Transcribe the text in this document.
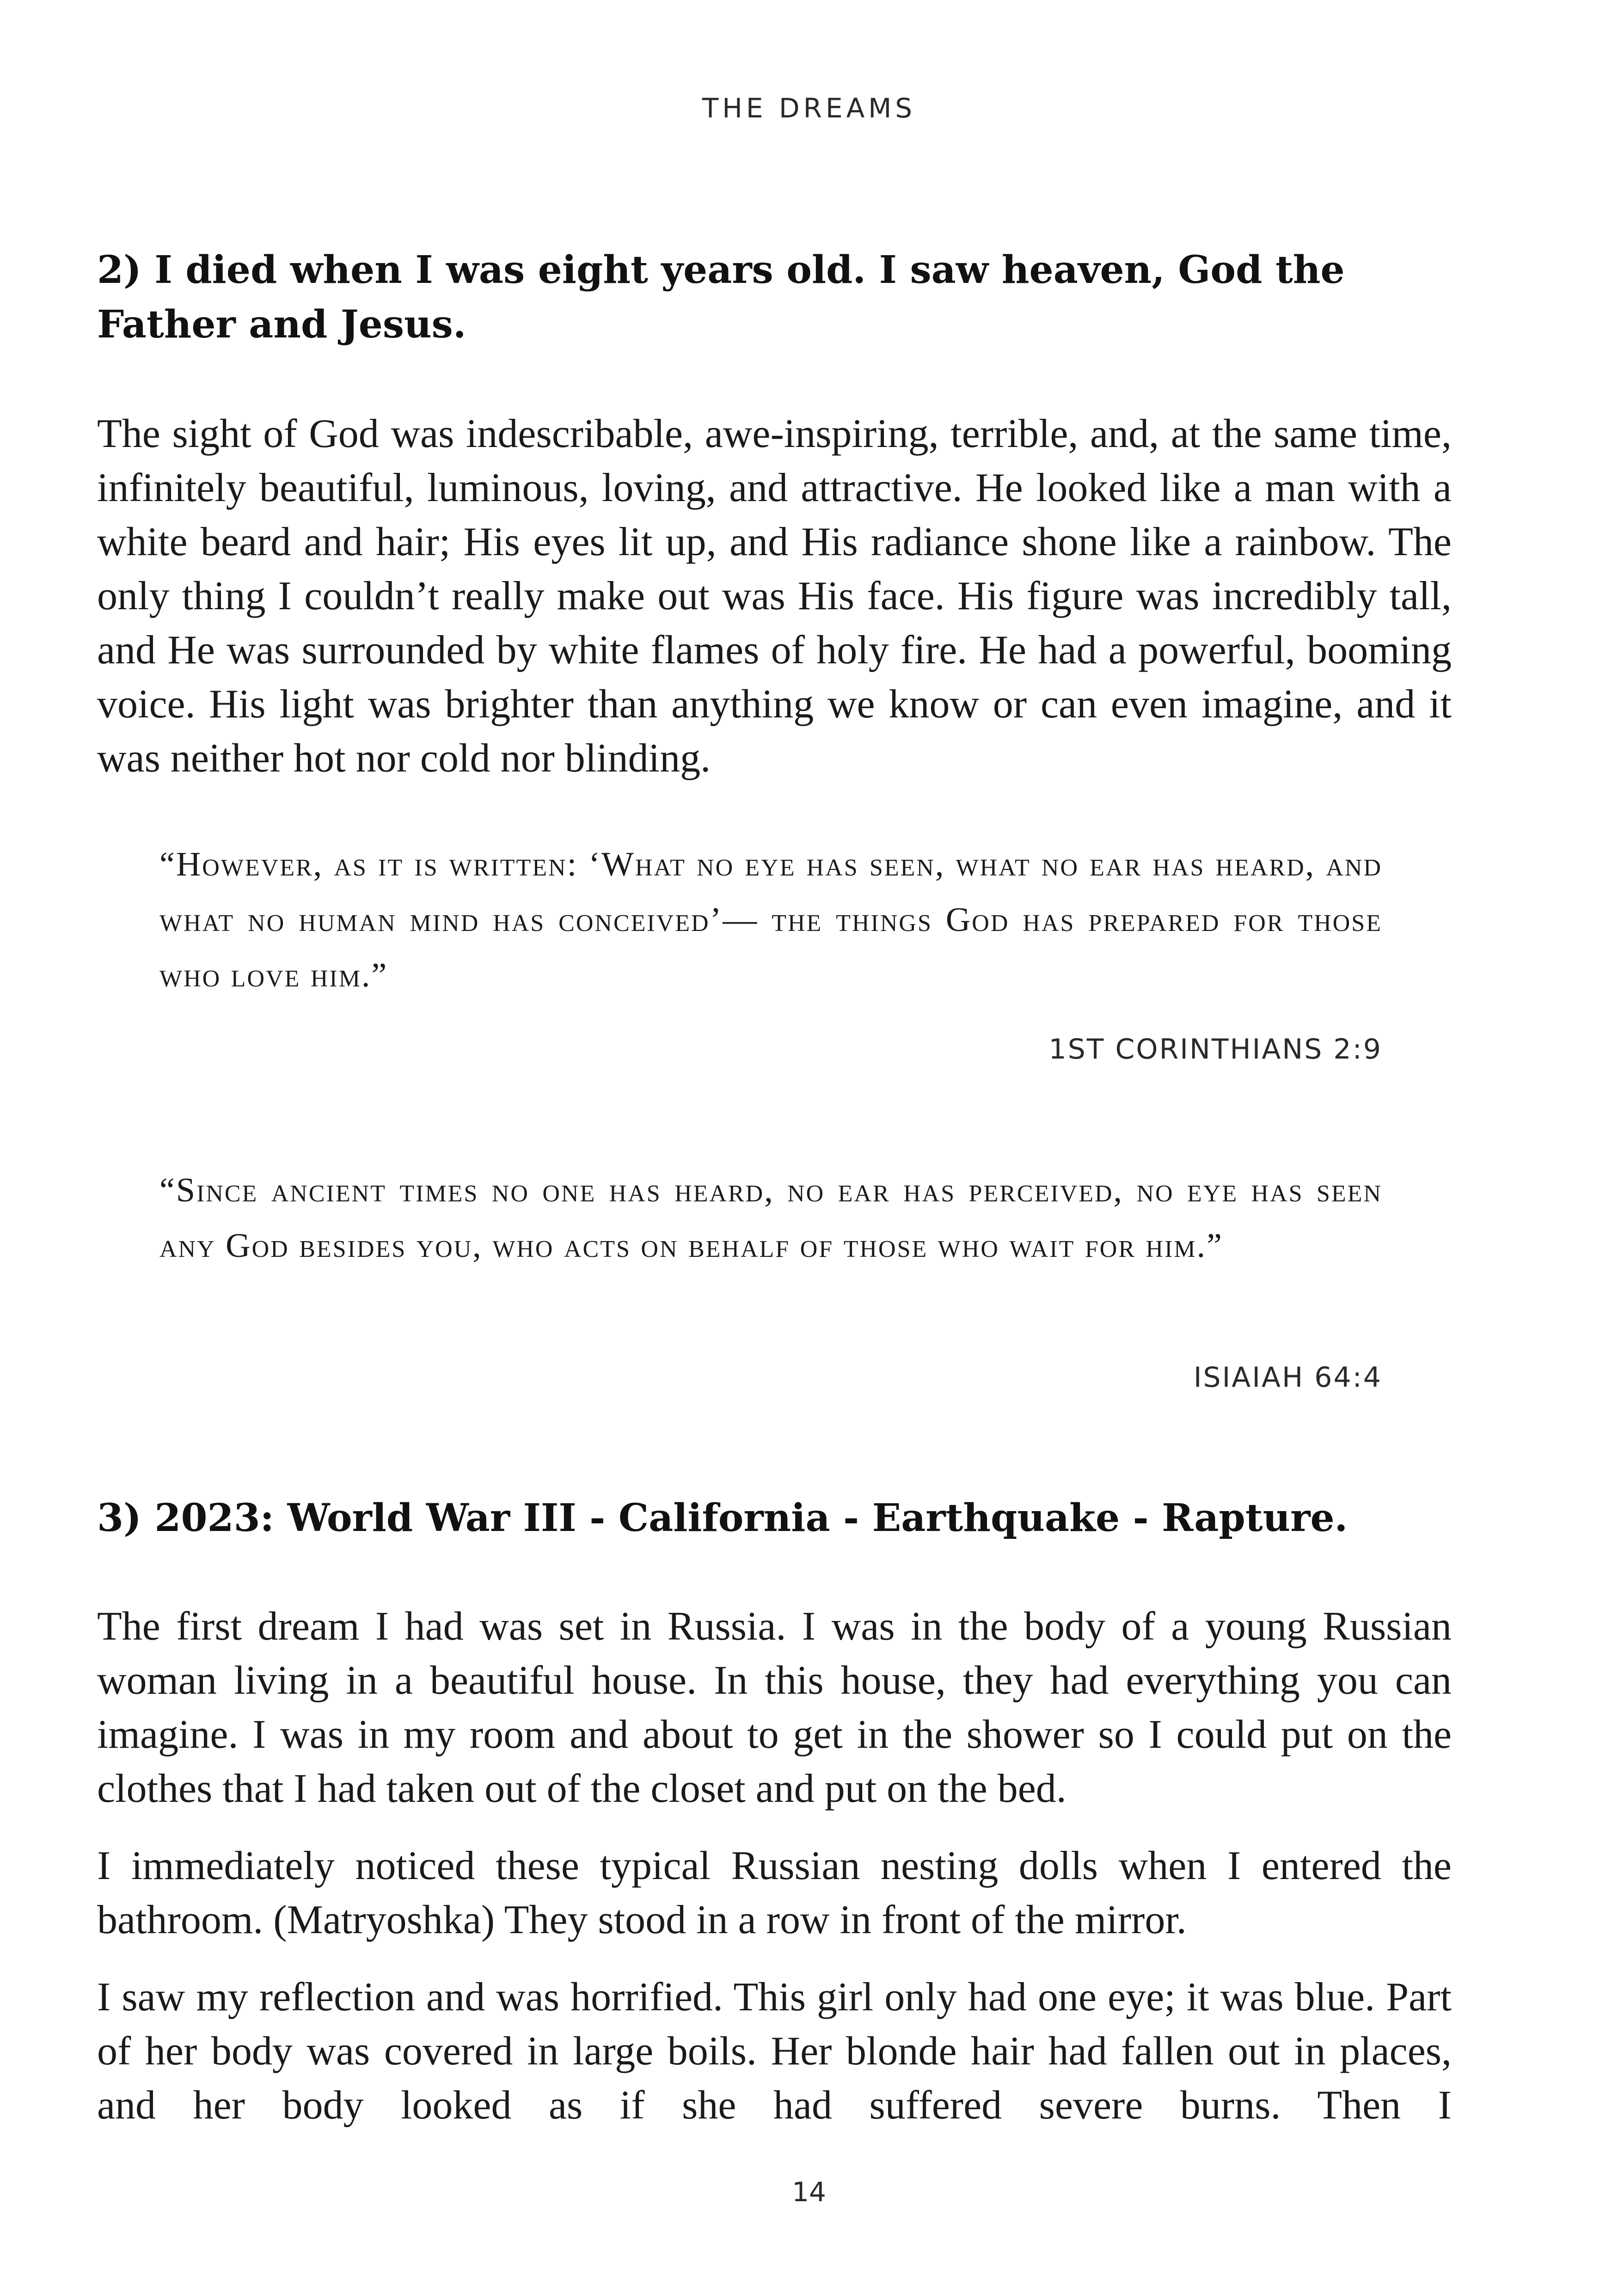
THE DREAMS
2) I died when I was eight years old. I saw heaven, God the Father and Jesus.

The sight of God was indescribable, awe-inspiring, terrible, and, at the same time, infinitely beautiful, luminous, loving, and attractive. He looked like a man with a white beard and hair; His eyes lit up, and His radiance shone like a rainbow. The only thing I couldn’t really make out was His face. His figure was incredibly tall, and He was surrounded by white flames of holy fire. He had a powerful, booming voice. His light was brighter than anything we know or can even imagine, and it was neither hot nor cold nor blinding.

“However, as it is written: ‘What no eye has seen, what no ear has heard, and what no human mind has conceived’— the things God has prepared for those who love him.”

1ST CORINTHIANS 2:9

“Since ancient times no one has heard, no ear has perceived, no eye has seen any God besides you, who acts on behalf of those who wait for him.”

ISIAIAH 64:4
3) 2023: World War III - California - Earthquake - Rapture.

The first dream I had was set in Russia. I was in the body of a young Russian woman living in a beautiful house. In this house, they had everything you can imagine. I was in my room and about to get in the shower so I could put on the clothes that I had taken out of the closet and put on the bed.

I immediately noticed these typical Russian nesting dolls when I entered the bathroom. (Matryoshka) They stood in a row in front of the mirror.

I saw my reflection and was horrified. This girl only had one eye; it was blue. Part of her body was covered in large boils. Her blonde hair had fallen out in places, and her body looked as if she had suffered severe burns. Then I

14
